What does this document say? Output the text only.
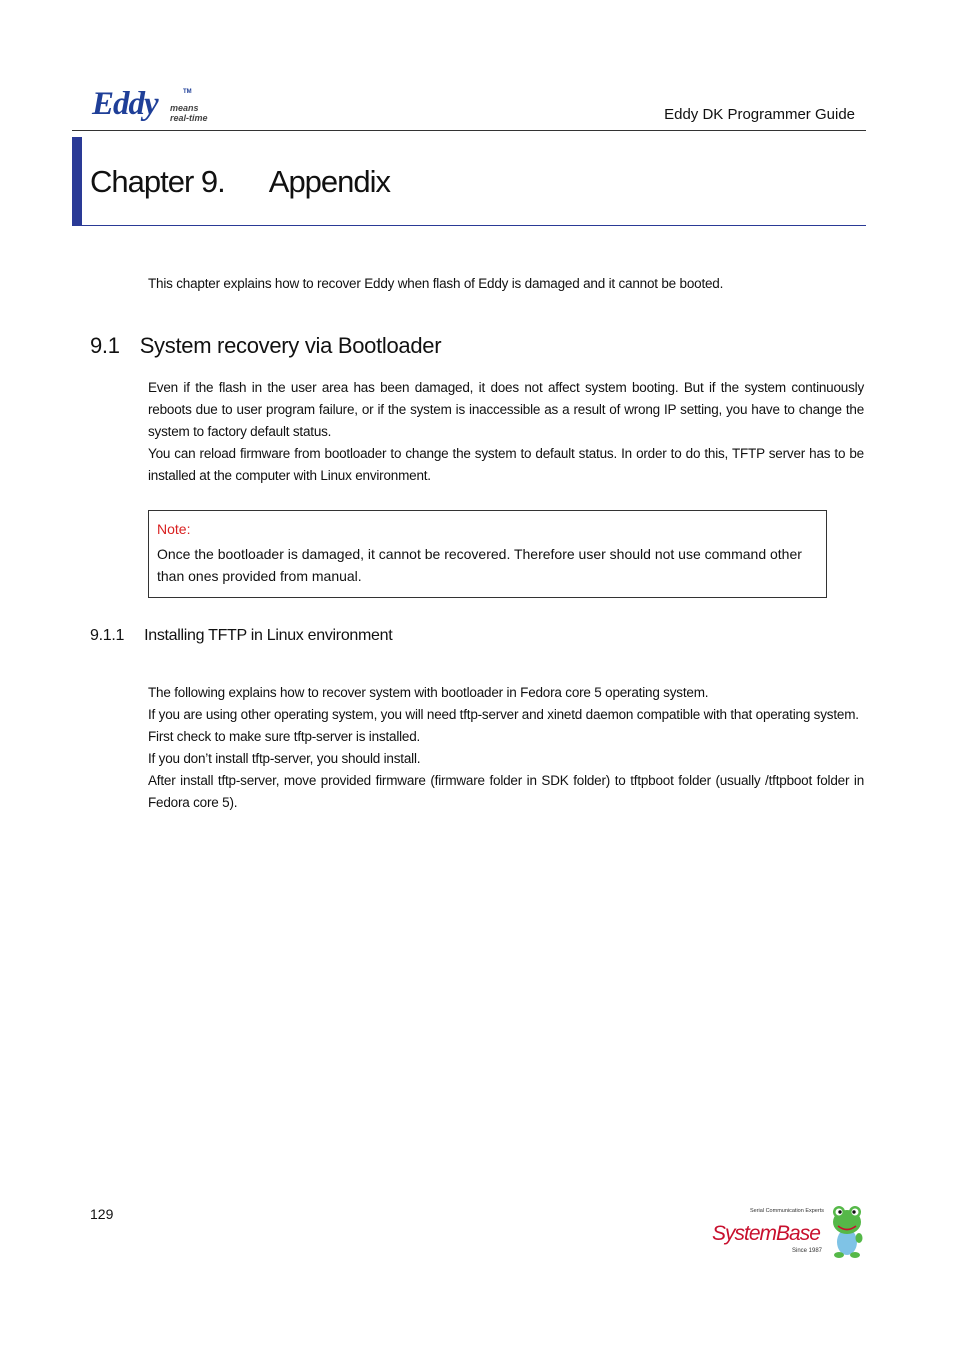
Eddy	TM
means
real-time	Eddy DK Programmer Guide
Chapter 9. Appendix
This chapter explains how to recover Eddy when flash of Eddy is damaged and it cannot be booted.
9.1 System recovery via Bootloader
Even if the flash in the user area has been damaged, it does not affect system booting. But if the system continuously reboots due to user program failure, or if the system is inaccessible as a result of wrong IP setting, you have to change the system to factory default status.
You can reload firmware from bootloader to change the system to default status. In order to do this, TFTP server has to be installed at the computer with Linux environment.
Note:
Once the bootloader is damaged, it cannot be recovered. Therefore user should not use command other than ones provided from manual.
9.1.1 Installing TFTP in Linux environment
The following explains how to recover system with bootloader in Fedora core 5 operating system.
If you are using other operating system, you will need tftp-server and xinetd daemon compatible with that operating system.
First check to make sure tftp-server is installed.
If you don’t install tftp-server, you should install.
After install tftp-server, move provided firmware (firmware folder in SDK folder) to tftpboot folder (usually /tftpboot folder in Fedora core 5).
129	Serial Communication Experts
SystemBase
Since 1987
